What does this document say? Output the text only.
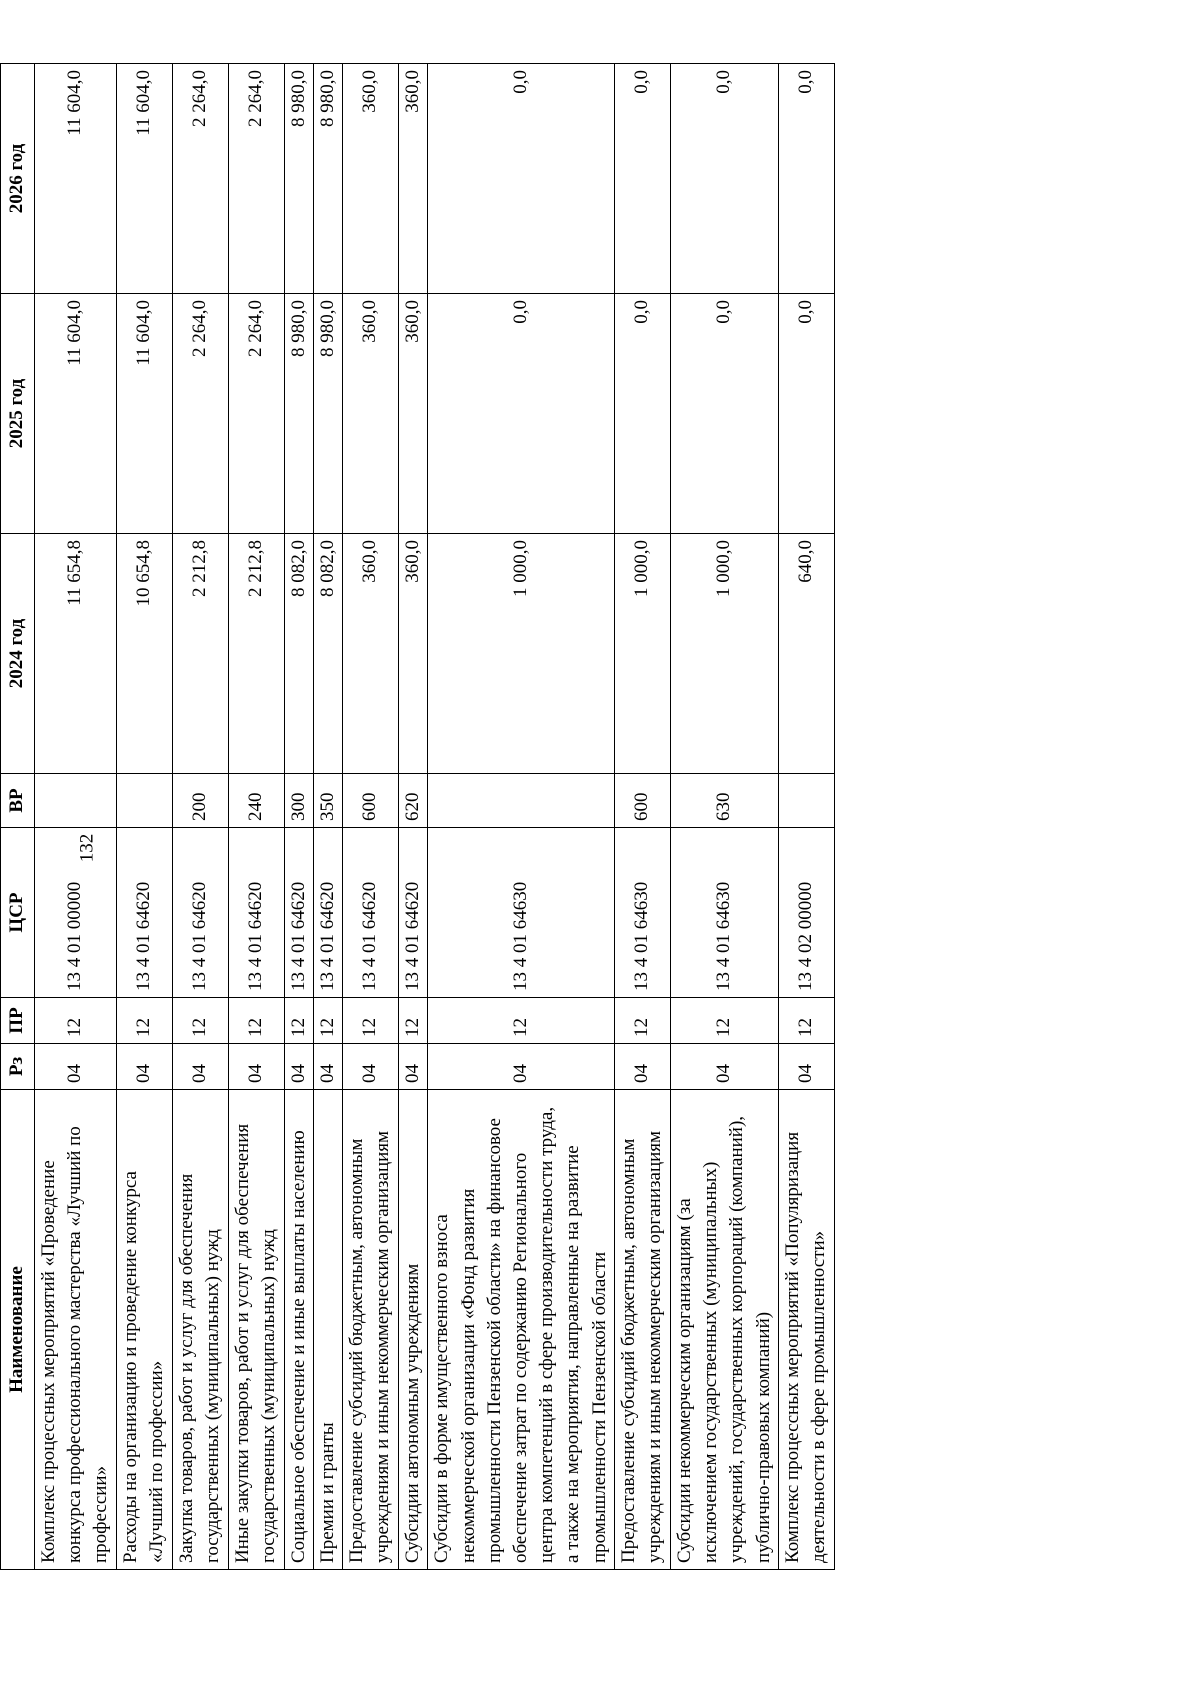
132
Наименование	Рз	ПР	ЦСР	ВР	2024 год	2025 год	2026 год
Комплекс процессных мероприятий «Проведение конкурса профессионального мастерства «Лучший по профессии»	04	12	13 4 01 00000		11 654,8	11 604,0	11 604,0
Расходы на организацию и проведение конкурса «Лучший по профессии»	04	12	13 4 01 64620		10 654,8	11 604,0	11 604,0
Закупка товаров, работ и услуг для обеспечения государственных (муниципальных) нужд	04	12	13 4 01 64620	200	2 212,8	2 264,0	2 264,0
Иные закупки товаров, работ и услуг для обеспечения государственных (муниципальных) нужд	04	12	13 4 01 64620	240	2 212,8	2 264,0	2 264,0
Социальное обеспечение и иные выплаты населению	04	12	13 4 01 64620	300	8 082,0	8 980,0	8 980,0
Премии и гранты	04	12	13 4 01 64620	350	8 082,0	8 980,0	8 980,0
Предоставление субсидий бюджетным, автономным учреждениям и иным некоммерческим организациям	04	12	13 4 01 64620	600	360,0	360,0	360,0
Субсидии автономным учреждениям	04	12	13 4 01 64620	620	360,0	360,0	360,0
Субсидии в форме имущественного взноса некоммерческой организации «Фонд развития промышленности Пензенской области» на финансовое обеспечение затрат по содержанию Регионального центра компетенций в сфере производительности труда, а также на мероприятия, направленные на развитие промышленности Пензенской области	04	12	13 4 01 64630		1 000,0	0,0	0,0
Предоставление субсидий бюджетным, автономным учреждениям и иным некоммерческим организациям	04	12	13 4 01 64630	600	1 000,0	0,0	0,0
Субсидии некоммерческим организациям (за исключением государственных (муниципальных) учреждений, государственных корпораций (компаний), публично-правовых компаний)	04	12	13 4 01 64630	630	1 000,0	0,0	0,0
Комплекс процессных мероприятий «Популяризация деятельности в сфере промышленности»	04	12	13 4 02 00000		640,0	0,0	0,0
